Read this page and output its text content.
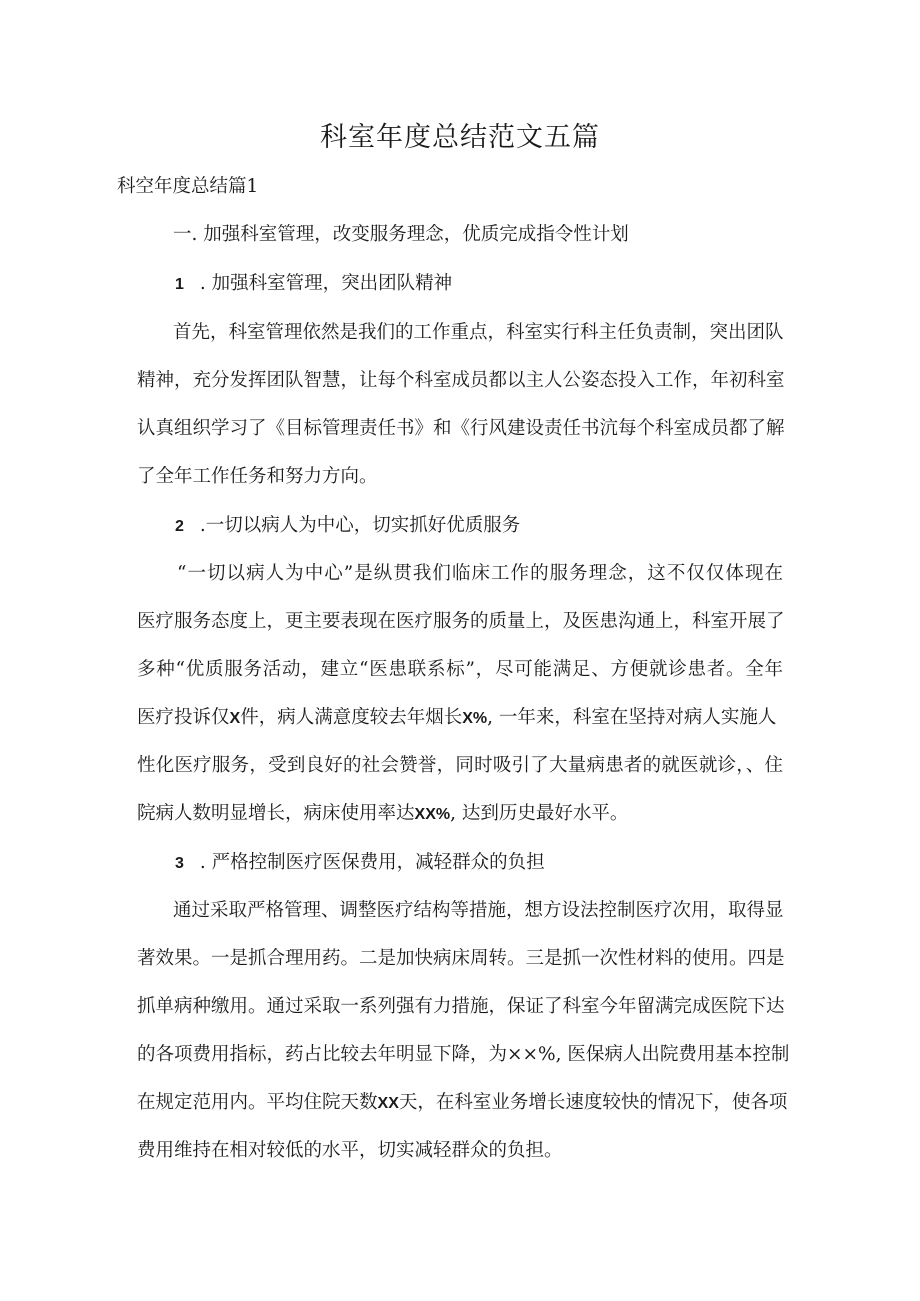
科室年度总结范文五篇
科空年度总结篇1
一. 加强科室管理，改变服务理念，优质完成指令性计划
1 . 加强科室管理，突出团队精神
首先，科室管理依然是我们的工作重点，科室实行科主任负责制，突出团队
精神，充分发挥团队智慧，让每个科室成员都以主人公姿态投入工作，年初科室
认真组织学习了《目标管理责任书》和《行风建设责任书沆每个科室成员都了解
了全年工作任务和努力方向。
2 .一切以病人为中心，切实抓好优质服务
“一切以病人为中心”是纵贯我们临床工作的服务理念，这不仅仅体现在
医疗服务态度上，更主要表现在医疗服务的质量上，及医患沟通上，科室开展了
多种“优质服务活动，建立“医患联系标”，尽可能满足、方便就诊患者。全年
医疗投诉仅X件，病人满意度较去年烟长X%, 一年来，科室在坚持对病人实施人
性化医疗服务，受到良好的社会赞誉，同时吸引了大量病患者的就医就诊，、住
院病人数明显增长，病床使用率达XX%, 达到历史最好水平。
3 . 严格控制医疗医保费用，减轻群众的负担
通过采取严格管理、调整医疗结构等措施，想方设法控制医疗次用，取得显
著效果。一是抓合理用药。二是加快病床周转。三是抓一次性材料的使用。四是
抓单病种缴用。通过采取一系列强有力措施，保证了科室今年留满完成医院下达
的各项费用指标，药占比较去年明显下降，为××%, 医保病人出院费用基本控制
在规定范用内。平均住院天数XX天，在科室业务增长速度较快的情况下，使各项
费用维持在相对较低的水平，切实减轻群众的负担。
